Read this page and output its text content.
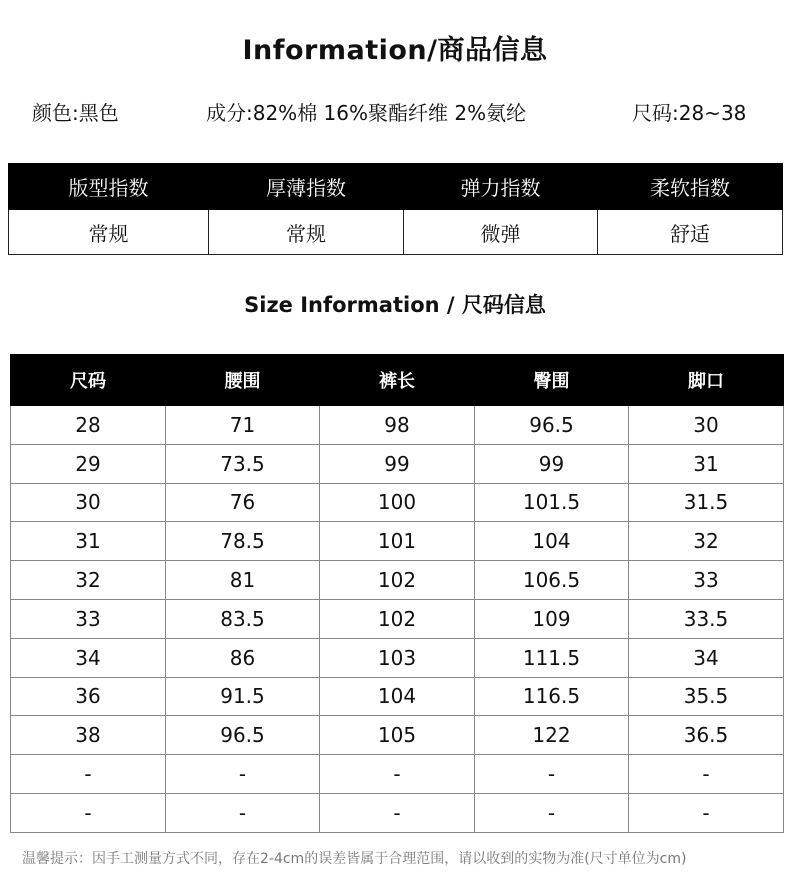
Information/商品信息
颜色:黑色	成分:82%棉 16%聚酯纤维 2%氨纶	尺码:28~38
版型指数	厚薄指数	弹力指数	柔软指数
常规	常规	微弹	舒适
Size Information / 尺码信息
尺码	腰围	裤长	臀围	脚口
28	71	98	96.5	30
29	73.5	99	99	31
30	76	100	101.5	31.5
31	78.5	101	104	32
32	81	102	106.5	33
33	83.5	102	109	33.5
34	86	103	111.5	34
36	91.5	104	116.5	35.5
38	96.5	105	122	36.5
-	-	-	-	-
-	-	-	-	-
温馨提示：因手工测量方式不同，存在2-4cm的误差皆属于合理范围，请以收到的实物为准(尺寸单位为cm)
